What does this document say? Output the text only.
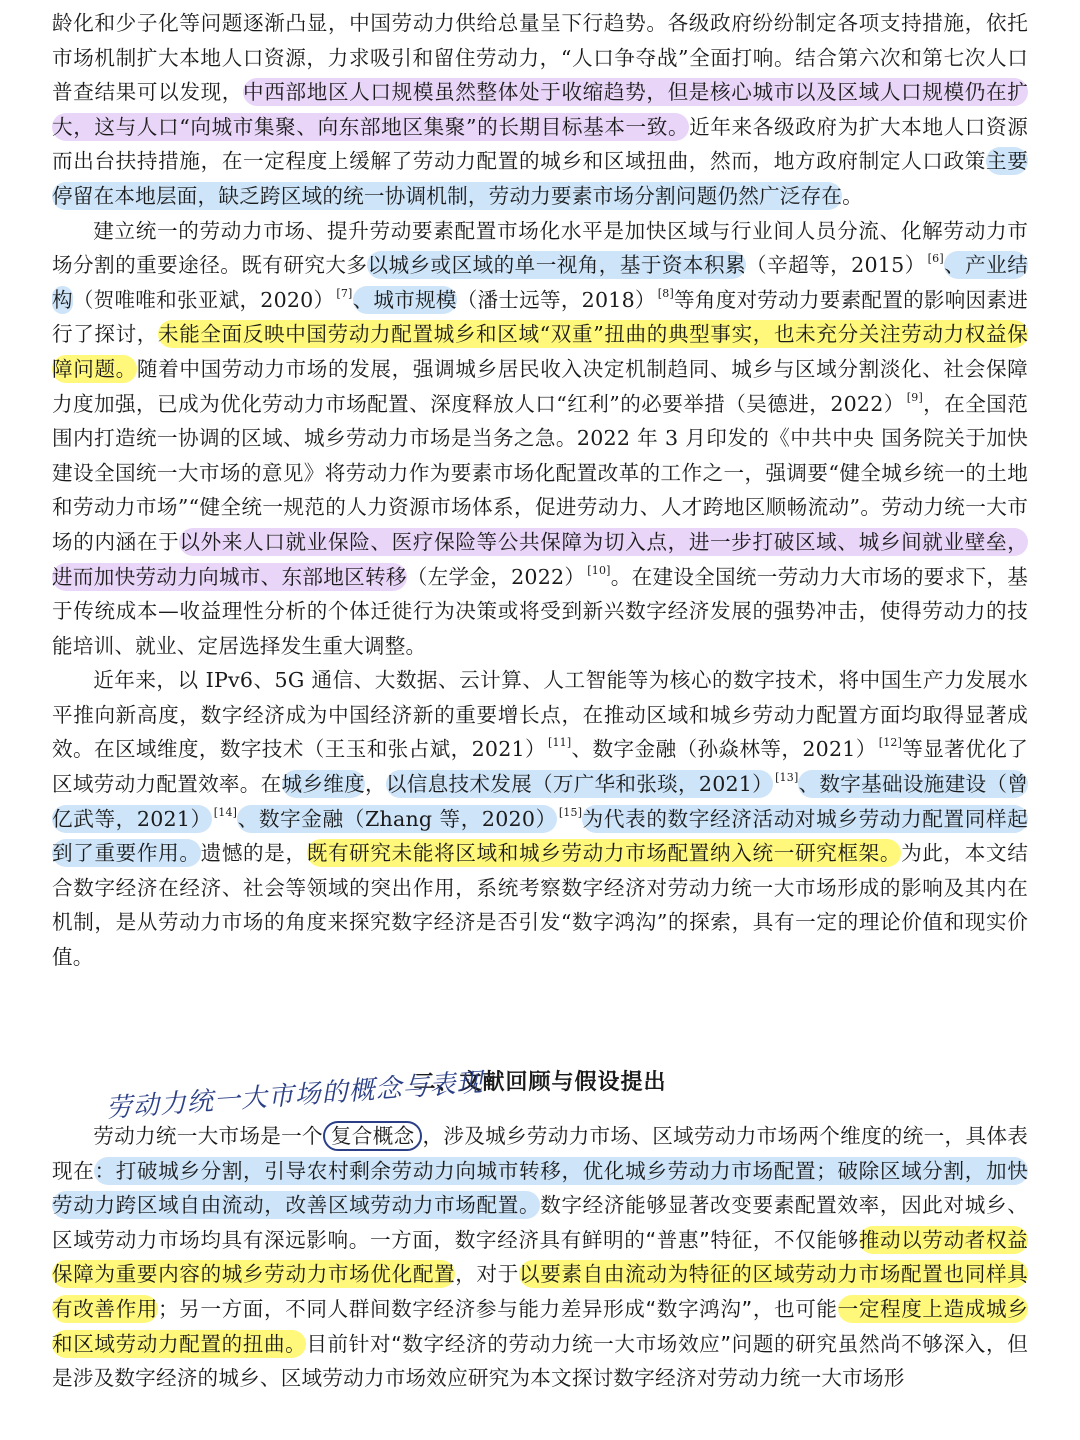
龄化和少子化等问题逐渐凸显，中国劳动力供给总量呈下行趋势。各级政府纷纷制定各项支持措施，依托市场机制扩大本地人口资源，力求吸引和留住劳动力，“人口争夺战”全面打响。结合第六次和第七次人口普查结果可以发现，中西部地区人口规模虽然整体处于收缩趋势，但是核心城市以及区域人口规模仍在扩大，这与人口“向城市集聚、向东部地区集聚”的长期目标基本一致。近年来各级政府为扩大本地人口资源而出台扶持措施，在一定程度上缓解了劳动力配置的城乡和区域扭曲，然而，地方政府制定人口政策主要停留在本地层面，缺乏跨区域的统一协调机制，劳动力要素市场分割问题仍然广泛存在。

建立统一的劳动力市场、提升劳动要素配置市场化水平是加快区域与行业间人员分流、化解劳动力市场分割的重要途径。既有研究大多以城乡或区域的单一视角，基于资本积累（辛超等，2015） [6]、产业结构（贺唯唯和张亚斌，2020） [7]、城市规模（潘士远等，2018） [8]等角度对劳动力要素配置的影响因素进行了探讨，未能全面反映中国劳动力配置城乡和区域“双重”扭曲的典型事实，也未充分关注劳动力权益保障问题。随着中国劳动力市场的发展，强调城乡居民收入决定机制趋同、城乡与区域分割淡化、社会保障力度加强，已成为优化劳动力市场配置、深度释放人口“红利”的必要举措（吴德进，2022） [9]，在全国范围内打造统一协调的区域、城乡劳动力市场是当务之急。2022 年 3 月印发的《中共中央 国务院关于加快建设全国统一大市场的意见》将劳动力作为要素市场化配置改革的工作之一，强调要“健全城乡统一的土地和劳动力市场”“健全统一规范的人力资源市场体系，促进劳动力、人才跨地区顺畅流动”。劳动力统一大市场的内涵在于以外来人口就业保险、医疗保险等公共保障为切入点，进一步打破区域、城乡间就业壁垒，进而加快劳动力向城市、东部地区转移（左学金，2022） [10]。在建设全国统一劳动力大市场的要求下，基于传统成本—收益理性分析的个体迁徙行为决策或将受到新兴数字经济发展的强势冲击，使得劳动力的技能培训、就业、定居选择发生重大调整。

近年来，以 IPv6、5G 通信、大数据、云计算、人工智能等为核心的数字技术，将中国生产力发展水平推向新高度，数字经济成为中国经济新的重要增长点，在推动区域和城乡劳动力配置方面均取得显著成效。在区域维度，数字技术（王玉和张占斌，2021） [11]、数字金融（孙焱林等，2021） [12]等显著优化了区域劳动力配置效率。在城乡维度，以信息技术发展（万广华和张琰，2021） [13]、数字基础设施建设（曾亿武等，2021） [14]、数字金融（Zhang 等，2020） [15]为代表的数字经济活动对城乡劳动力配置同样起到了重要作用。遗憾的是，既有研究未能将区域和城乡劳动力市场配置纳入统一研究框架。为此，本文结合数字经济在经济、社会等领域的突出作用，系统考察数字经济对劳动力统一大市场形成的影响及其内在机制，是从劳动力市场的角度来探究数字经济是否引发“数字鸿沟”的探索，具有一定的理论价值和现实价值。

二、文献回顾与假设提出
劳动力统一大市场的概念与表现

劳动力统一大市场是一个 复合概念 ，涉及城乡劳动力市场、区域劳动力市场两个维度的统一，具体表现在：打破城乡分割，引导农村剩余劳动力向城市转移，优化城乡劳动力市场配置；破除区域分割，加快劳动力跨区域自由流动，改善区域劳动力市场配置。数字经济能够显著改变要素配置效率，因此对城乡、区域劳动力市场均具有深远影响。一方面，数字经济具有鲜明的“普惠”特征，不仅能够推动以劳动者权益保障为重要内容的城乡劳动力市场优化配置，对于以要素自由流动为特征的区域劳动力市场配置也同样具有改善作用；另一方面，不同人群间数字经济参与能力差异形成“数字鸿沟”，也可能一定程度上造成城乡和区域劳动力配置的扭曲。目前针对“数字经济的劳动力统一大市场效应”问题的研究虽然尚不够深入，但是涉及数字经济的城乡、区域劳动力市场效应研究为本文探讨数字经济对劳动力统一大市场形
